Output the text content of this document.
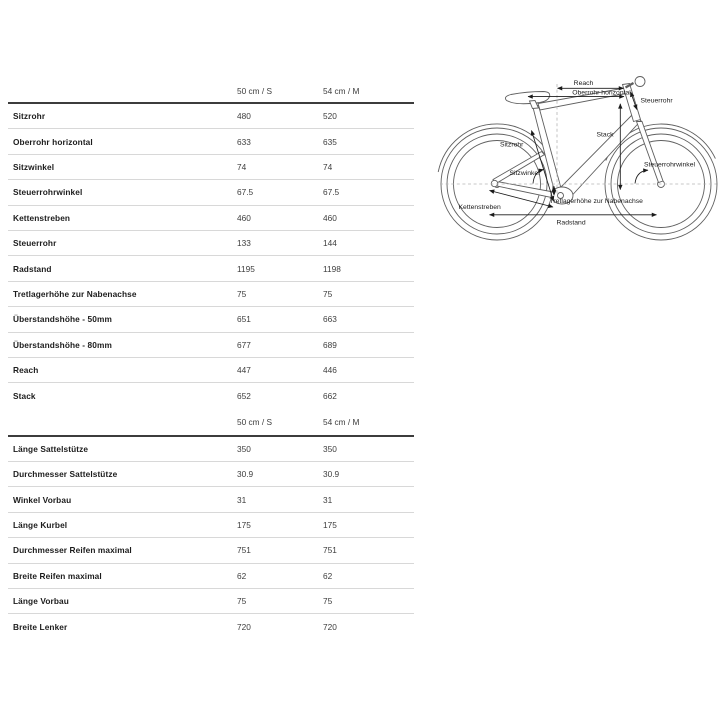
50 cm / S	54 cm / M
Sitzrohr	480	520
Oberrohr horizontal	633	635
Sitzwinkel	74	74
Steuerrohrwinkel	67.5	67.5
Kettenstreben	460	460
Steuerrohr	133	144
Radstand	1195	1198
Tretlagerhöhe zur Nabenachse	75	75
Überstandshöhe - 50mm	651	663
Überstandshöhe - 80mm	677	689
Reach	447	446
Stack	652	662
50 cm / S	54 cm / M
Länge Sattelstütze	350	350
Durchmesser Sattelstütze	30.9	30.9
Winkel Vorbau	31	31
Länge Kurbel	175	175
Durchmesser Reifen maximal	751	751
Breite Reifen maximal	62	62
Länge Vorbau	75	75
Breite Lenker	720	720
Reach
Oberrohr horizontal
Steuerrohr
Stack
Steuerrohrwinkel
Sitzrohr
Sitzwinkel
Kettenstreben
Tretlagerhöhe zur Nabenachse
Radstand
